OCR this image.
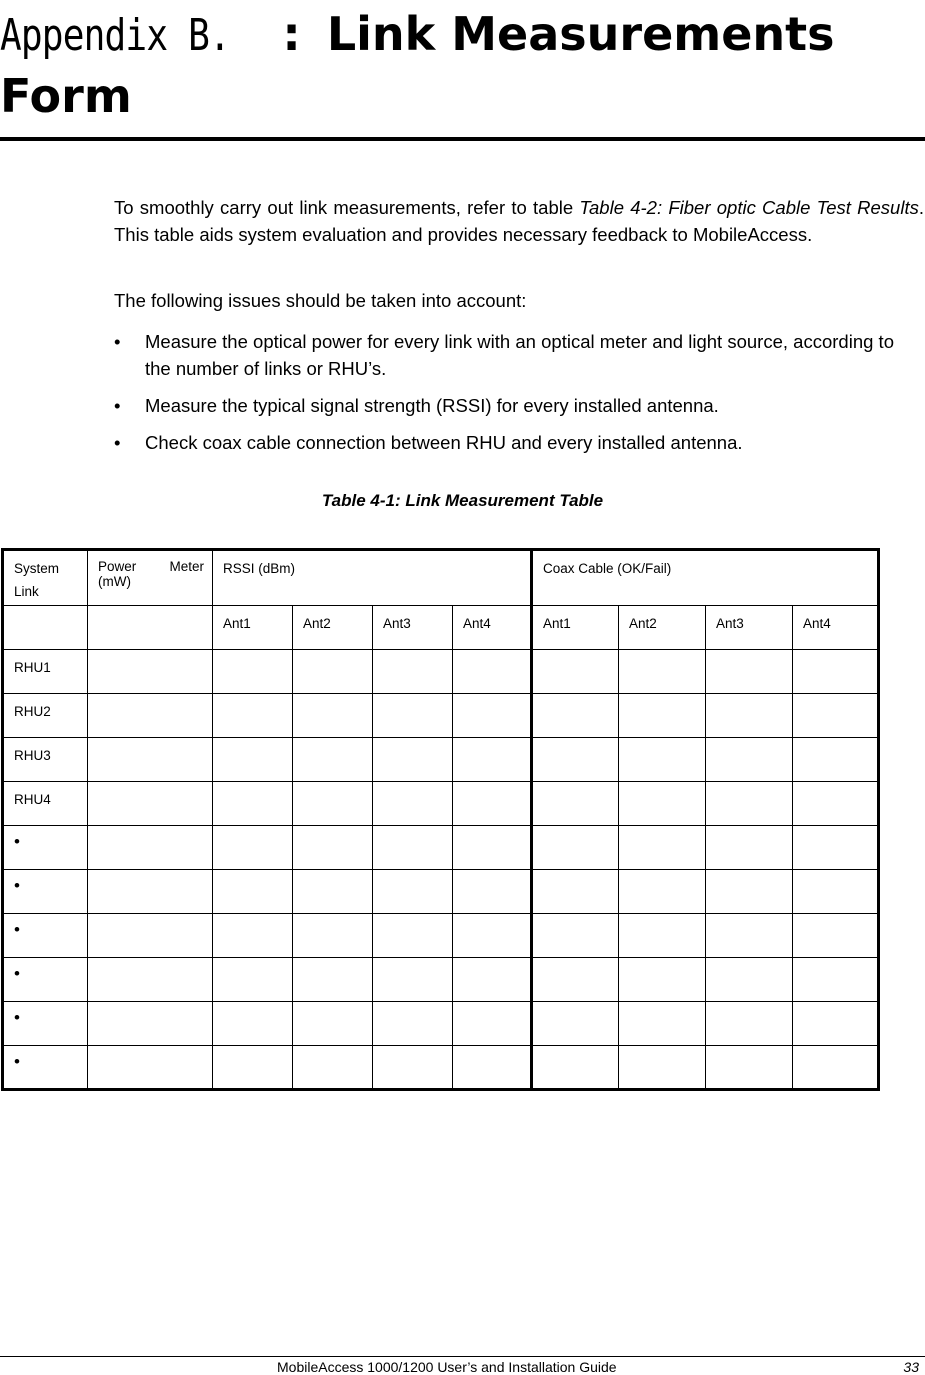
Appendix B. : Link Measurements Form

To smoothly carry out link measurements, refer to table Table 4-2: Fiber optic Cable Test Results. This table aids system evaluation and provides necessary feedback to MobileAccess.

The following issues should be taken into account:

• Measure the optical power for every link with an optical meter and light source, according to the number of links or RHU’s.
• Measure the typical signal strength (RSSI) for every installed antenna.
• Check coax cable connection between RHU and every installed antenna.

Table 4-1: Link Measurement Table

System Link	Power Meter (mW)	RSSI (dBm)				Coax Cable (OK/Fail)			
		Ant1	Ant2	Ant3	Ant4	Ant1	Ant2	Ant3	Ant4
RHU1									
RHU2									
RHU3									
RHU4									
•									
•									
•									
•									
•									
•									
MobileAccess 1000/1200 User’s and Installation Guide	33
